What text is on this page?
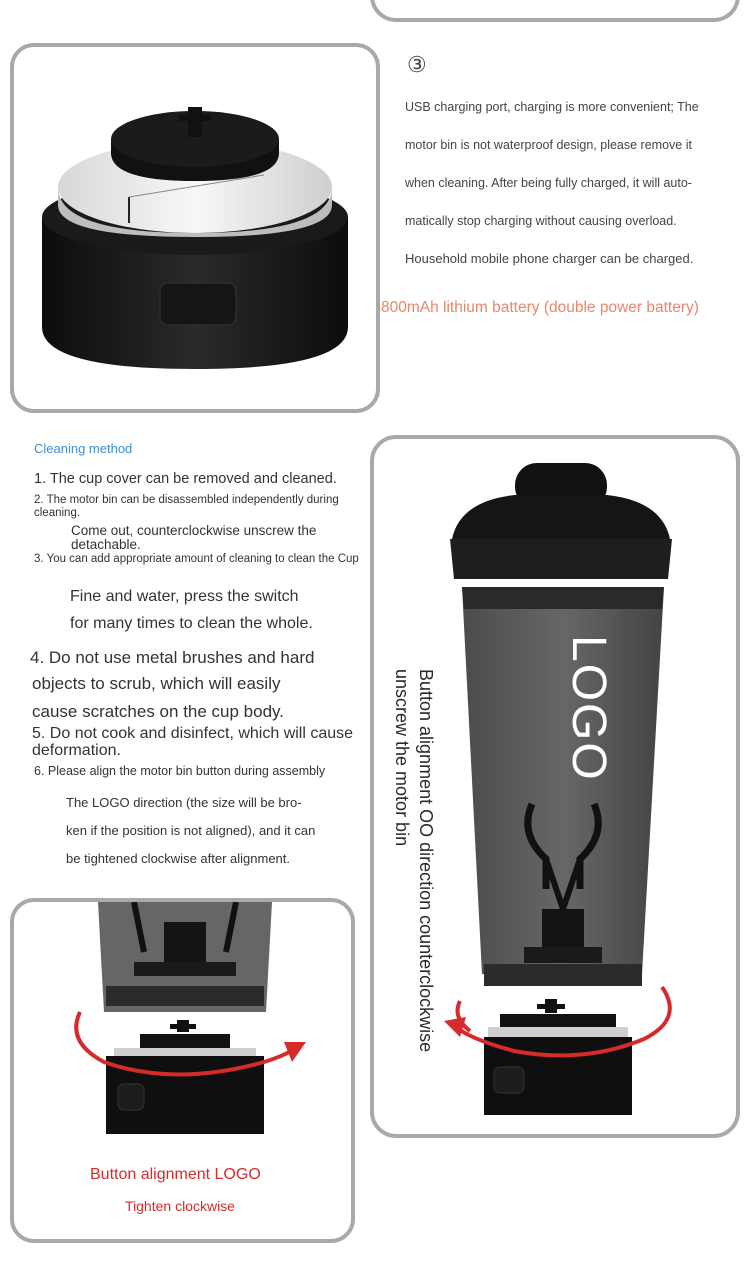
③
USB charging port, charging is more convenient; The
motor bin is not waterproof design, please remove it
when cleaning. After being fully charged, it will auto-
matically stop charging without causing overload.
Household mobile phone charger can be charged.
800mAh lithium battery (double power battery)
Cleaning method
1. The cup cover can be removed and cleaned.
2. The motor bin can be disassembled independently during cleaning.
Come out, counterclockwise unscrew the detachable.
3. You can add appropriate amount of cleaning to clean the Cup
Fine and water, press the switch
for many times to clean the whole.
4. Do not use metal brushes and hard
objects to scrub, which will easily
cause scratches on the cup body.
5. Do not cook and disinfect, which will cause deformation.
6. Please align the motor bin button during assembly
The LOGO direction (the size will be bro-
ken if the position is not aligned), and it can
be tightened clockwise after alignment.
LOGO
Button alignment OO direction counterclockwise
unscrew the motor bin
Button alignment LOGO
Tighten clockwise
